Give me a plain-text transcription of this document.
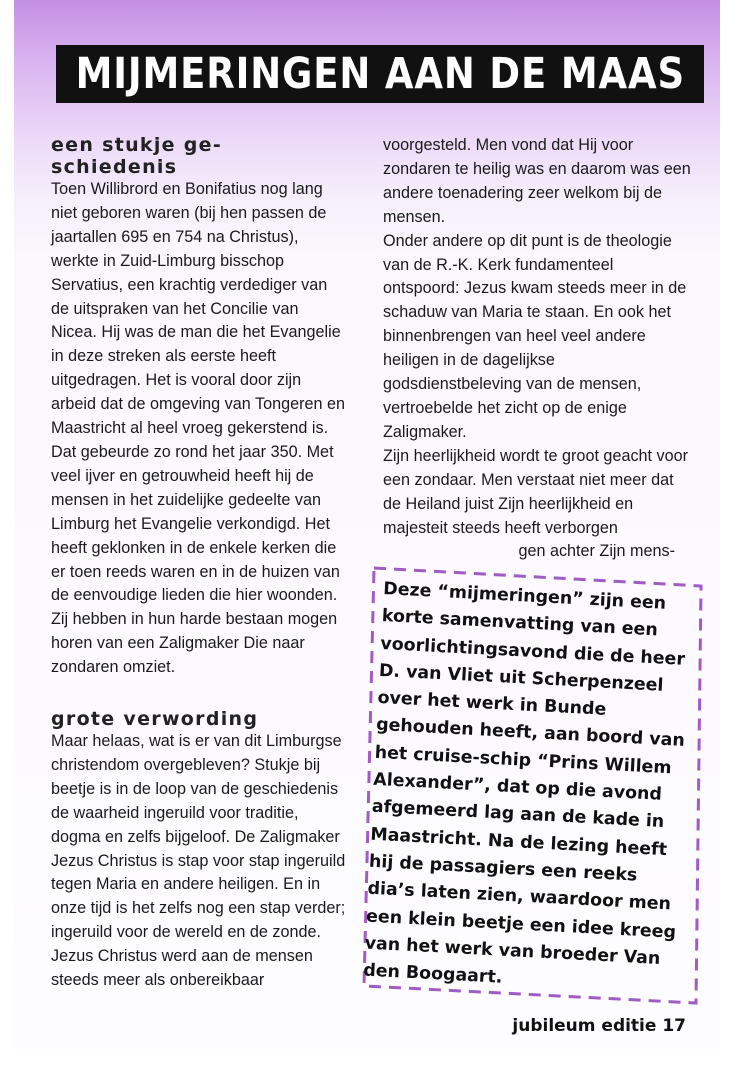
MIJMERINGEN AAN DE MAAS
een stukje ge- schiedenis

Toen Willibrord en Bonifatius nog lang niet geboren waren (bij hen passen de jaartallen 695 en 754 na Christus), werkte in Zuid-Limburg bisschop Servatius, een krachtig verdediger van de uitspraken van het Concilie van Nicea. Hij was de man die het Evangelie in deze streken als eerste heeft uitgedragen. Het is vooral door zijn arbeid dat de omgeving van Tongeren en Maastricht al heel vroeg gekerstend is. Dat gebeurde zo rond het jaar 350. Met veel ijver en getrouwheid heeft hij de mensen in het zuidelijke gedeelte van Limburg het Evangelie verkondigd. Het heeft geklonken in de enkele kerken die er toen reeds waren en in de huizen van de eenvoudige lieden die hier woonden. Zij hebben in hun harde bestaan mogen horen van een Zaligmaker Die naar zondaren omziet.

grote verwording

Maar helaas, wat is er van dit Limburgse christendom overgebleven? Stukje bij beetje is in de loop van de geschiedenis de waarheid ingeruild voor traditie, dogma en zelfs bijgeloof. De Zaligmaker Jezus Christus is stap voor stap ingeruild tegen Maria en andere heiligen. En in onze tijd is het zelfs nog een stap verder; ingeruild voor de wereld en de zonde. Jezus Christus werd aan de mensen steeds meer als onbereikbaar

voorgesteld. Men vond dat Hij voor zondaren te heilig was en daarom was een andere toenadering zeer welkom bij de mensen.

Onder andere op dit punt is de theologie van de R.-K. Kerk fundamenteel ontspoord: Jezus kwam steeds meer in de schaduw van Maria te staan. En ook het binnenbrengen van heel veel andere heiligen in de dagelijkse godsdienstbeleving van de mensen, vertroebelde het zicht op de enige Zaligmaker.

Zijn heerlijkheid wordt te groot geacht voor een zondaar. Men verstaat niet meer dat de Heiland juist Zijn heerlijkheid en majesteit steeds heeft verborgen

gen achter Zijn mens-

Deze “mijmeringen” zijn een korte samenvatting van een voorlichtingsavond die de heer D. van Vliet uit Scherpenzeel over het werk in Bunde gehouden heeft, aan boord van het cruise-schip “Prins Willem Alexander”, dat op die avond afgemeerd lag aan de kade in Maastricht. Na de lezing heeft hij de passagiers een reeks dia’s laten zien, waardoor men een klein beetje een idee kreeg van het werk van broeder Van den Boogaart.
jubileum editie 17
